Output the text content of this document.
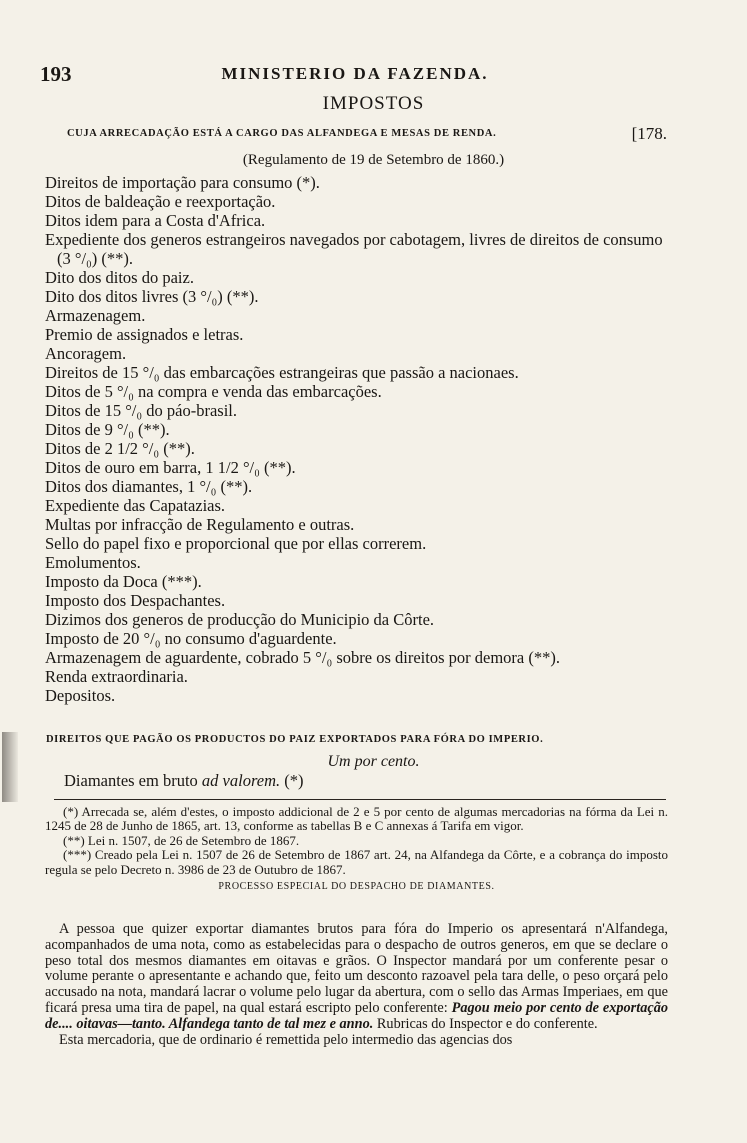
193	MINISTERIO DA FAZENDA.
IMPOSTOS
CUJA ARRECADAÇÃO ESTÁ A CARGO DAS ALFANDEGA E MESAS DE RENDA.	[178.
(Regulamento de 19 de Setembro de 1860.)
Direitos de importação para consumo (*).
Ditos de baldeação e reexportação.
Ditos idem para a Costa d'Africa.
Expediente dos generos estrangeiros navegados por cabotagem, livres de direitos de consumo (3 °/₀) (**).
Dito dos ditos do paiz.
Dito dos ditos livres (3 °/₀) (**).
Armazenagem.
Premio de assignados e letras.
Ancoragem.
Direitos de 15 °/₀ das embarcações estrangeiras que passão a nacionaes.
Ditos de 5 °/₀ na compra e venda das embarcações.
Ditos de 15 °/₀ do páo-brasil.
Ditos de 9 °/₀ (**).
Ditos de 2 1/2 °/₀ (**).
Ditos de ouro em barra, 1 1/2 °/₀ (**).
Ditos dos diamantes, 1 °/₀ (**).
Expediente das Capatazias.
Multas por infracção de Regulamento e outras.
Sello do papel fixo e proporcional que por ellas correrem.
Emolumentos.
Imposto da Doca (***).
Imposto dos Despachantes.
Dizimos dos generos de producção do Municipio da Côrte.
Imposto de 20 °/₀ no consumo d'aguardente.
Armazenagem de aguardente, cobrado 5 °/₀ sobre os direitos por demora (**).
Renda extraordinaria.
Depositos.
DIREITOS QUE PAGÃO OS PRODUCTOS DO PAIZ EXPORTADOS PARA FÓRA DO IMPERIO.
Um por cento.
Diamantes em bruto ad valorem. (*)

(*) Arrecada se, além d'estes, o imposto addicional de 2 e 5 por cento de algumas mercadorias na fórma da Lei n. 1245 de 28 de Junho de 1865, art. 13, conforme as tabellas B e C annexas á Tarifa em vigor.

(**) Lei n. 1507, de 26 de Setembro de 1867.

(***) Creado pela Lei n. 1507 de 26 de Setembro de 1867 art. 24, na Alfandega da Côrte, e a cobrança do imposto regula se pelo Decreto n. 3986 de 23 de Outubro de 1867.

PROCESSO ESPECIAL DO DESPACHO DE DIAMANTES.

A pessoa que quizer exportar diamantes brutos para fóra do Imperio os apresentará n'Alfandega, acompanhados de uma nota, como as estabelecidas para o despacho de outros generos, em que se declare o peso total dos mesmos diamantes em oitavas e grãos. O Inspector mandará por um conferente pesar o volume perante o apresentante e achando que, feito um desconto razoavel pela tara delle, o peso orçará pelo accusado na nota, mandará lacrar o volume pelo lugar da abertura, com o sello das Armas Imperiaes, em que ficará presa uma tira de papel, na qual estará escripto pelo conferente: Pagou meio por cento de exportação de.... oitavas—tanto. Alfandega tanto de tal mez e anno. Rubricas do Inspector e do conferente.

Esta mercadoria, que de ordinario é remettida pelo intermedio das agencias dos
